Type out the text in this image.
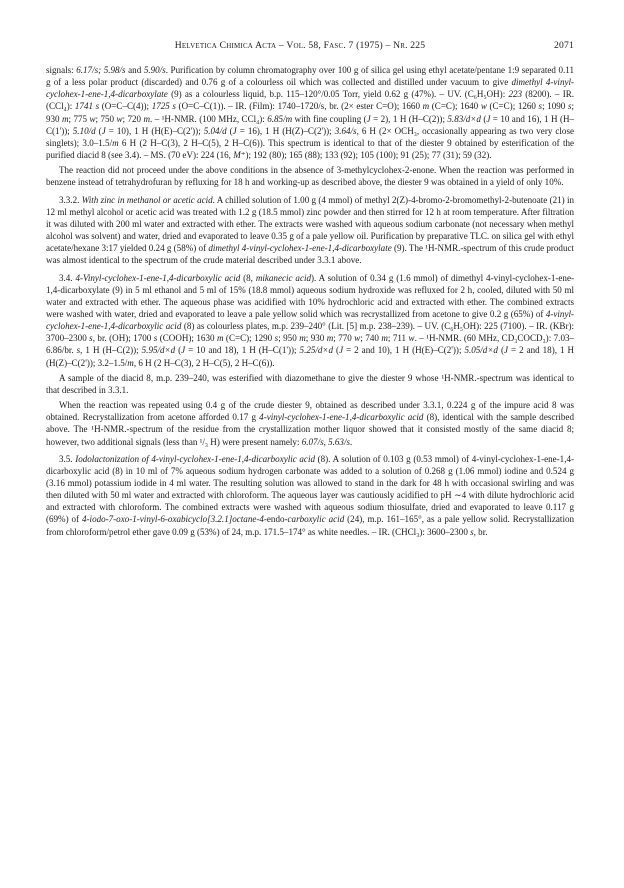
Helvetica Chimica Acta – Vol. 58, Fasc. 7 (1975) – Nr. 225	2071

signals: 6.17/s; 5.98/s and 5.90/s. Purification by column chromatography over 100 g of silica gel using ethyl acetate/pentane 1:9 separated 0.11 g of a less polar product (discarded) and 0.76 g of a colourless oil which was collected and distilled under vacuum to give dimethyl 4-vinyl-cyclohex-1-ene-1,4-dicarboxylate (9) as a colourless liquid, b.p. 115–120°/0.05 Torr, yield 0.62 g (47%). – UV. (C₆H₅OH): 223 (8200). – IR. (CCl₄): 1741 s (O=C–C(4)); 1725 s (O=C–C(1)). – IR. (Film): 1740–1720/s, br. (2× ester C=O); 1660 m (C=C); 1640 w (C=C); 1260 s; 1090 s; 930 m; 775 w; 750 w; 720 m. – ¹H-NMR. (100 MHz, CCl₄): 6.85/m with fine coupling (J = 2), 1 H (H–C(2)); 5.83/d×d (J = 10 and 16), 1 H (H–C(1')); 5.10/d (J = 10), 1 H (H(E)–C(2')); 5.04/d (J = 16), 1 H (H(Z)–C(2')); 3.64/s, 6 H (2× OCH₃, occasionally appearing as two very close singlets); 3.0–1.5/m 6 H (2 H–C(3), 2 H–C(5), 2 H–C(6)). This spectrum is identical to that of the diester 9 obtained by esterification of the purified diacid 8 (see 3.4). – MS. (70 eV): 224 (16, M⁺); 192 (80); 165 (88); 133 (92); 105 (100); 91 (25); 77 (31); 59 (32).

The reaction did not proceed under the above conditions in the absence of 3-methylcyclohex-2-enone. When the reaction was performed in benzene instead of tetrahydrofuran by refluxing for 18 h and working-up as described above, the diester 9 was obtained in a yield of only 10%.

3.3.2. With zinc in methanol or acetic acid. A chilled solution of 1.00 g (4 mmol) of methyl 2(Z)-4-bromo-2-bromomethyl-2-butenoate (21) in 12 ml methyl alcohol or acetic acid was treated with 1.2 g (18.5 mmol) zinc powder and then stirred for 12 h at room temperature. After filtration it was diluted with 200 ml water and extracted with ether. The extracts were washed with aqueous sodium carbonate (not necessary when methyl alcohol was solvent) and water, dried and evaporated to leave 0.35 g of a pale yellow oil. Purification by preparative TLC. on silica gel with ethyl acetate/hexane 3:17 yielded 0.24 g (58%) of dimethyl 4-vinyl-cyclohex-1-ene-1,4-dicarboxylate (9). The ¹H-NMR.-spectrum of this crude product was almost identical to the spectrum of the crude material described under 3.3.1 above.

3.4. 4-Vinyl-cyclohex-1-ene-1,4-dicarboxylic acid (8, mikanecic acid). A solution of 0.34 g (1.6 mmol) of dimethyl 4-vinyl-cyclohex-1-ene-1,4-dicarboxylate (9) in 5 ml ethanol and 5 ml of 15% (18.8 mmol) aqueous sodium hydroxide was refluxed for 2 h, cooled, diluted with 50 ml water and extracted with ether. The aqueous phase was acidified with 10% hydrochloric acid and extracted with ether. The combined extracts were washed with water, dried and evaporated to leave a pale yellow solid which was recrystallized from acetone to give 0.2 g (65%) of 4-vinyl-cyclohex-1-ene-1,4-dicarboxylic acid (8) as colourless plates, m.p. 239–240° (Lit. [5] m.p. 238–239). – UV. (C₆H₅OH): 225 (7100). – IR. (KBr): 3700–2300 s, br. (OH); 1700 s (COOH); 1630 m (C=C); 1290 s; 950 m; 930 m; 770 w; 740 m; 711 w. – ¹H-NMR. (60 MHz, CD₃COCD₃): 7.03–6.86/br. s, 1 H (H–C(2)); 5.95/d×d (J = 10 and 18), 1 H (H–C(1')); 5.25/d×d (J = 2 and 10), 1 H (H(E)–C(2')); 5.05/d×d (J = 2 and 18), 1 H (H(Z)–C(2')); 3.2–1.5/m, 6 H (2 H–C(3), 2 H–C(5), 2 H–C(6)).

A sample of the diacid 8, m.p. 239–240, was esterified with diazomethane to give the diester 9 whose ¹H-NMR.-spectrum was identical to that described in 3.3.1.

When the reaction was repeated using 0.4 g of the crude diester 9, obtained as described under 3.3.1, 0.224 g of the impure acid 8 was obtained. Recrystallization from acetone afforded 0.17 g 4-vinyl-cyclohex-1-ene-1,4-dicarboxylic acid (8), identical with the sample described above. The ¹H-NMR.-spectrum of the residue from the crystallization mother liquor showed that it consisted mostly of the same diacid 8; however, two additional signals (less than ¹/₃ H) were present namely: 6.07/s, 5.63/s.

3.5. Iodolactonization of 4-vinyl-cyclohex-1-ene-1,4-dicarboxylic acid (8). A solution of 0.103 g (0.53 mmol) of 4-vinyl-cyclohex-1-ene-1,4-dicarboxylic acid (8) in 10 ml of 7% aqueous sodium hydrogen carbonate was added to a solution of 0.268 g (1.06 mmol) iodine and 0.524 g (3.16 mmol) potassium iodide in 4 ml water. The resulting solution was allowed to stand in the dark for 48 h with occasional swirling and was then diluted with 50 ml water and extracted with chloroform. The aqueous layer was cautiously acidified to pH ∼4 with dilute hydrochloric acid and extracted with chloroform. The combined extracts were washed with aqueous sodium thiosulfate, dried and evaporated to leave 0.117 g (69%) of 4-iodo-7-oxo-1-vinyl-6-oxabicyclo[3.2.1]octane-4-endo-carboxylic acid (24), m.p. 161–165°, as a pale yellow solid. Recrystallization from chloroform/petrol ether gave 0.09 g (53%) of 24, m.p. 171.5–174° as white needles. – IR. (CHCl₃): 3600–2300 s, br.
